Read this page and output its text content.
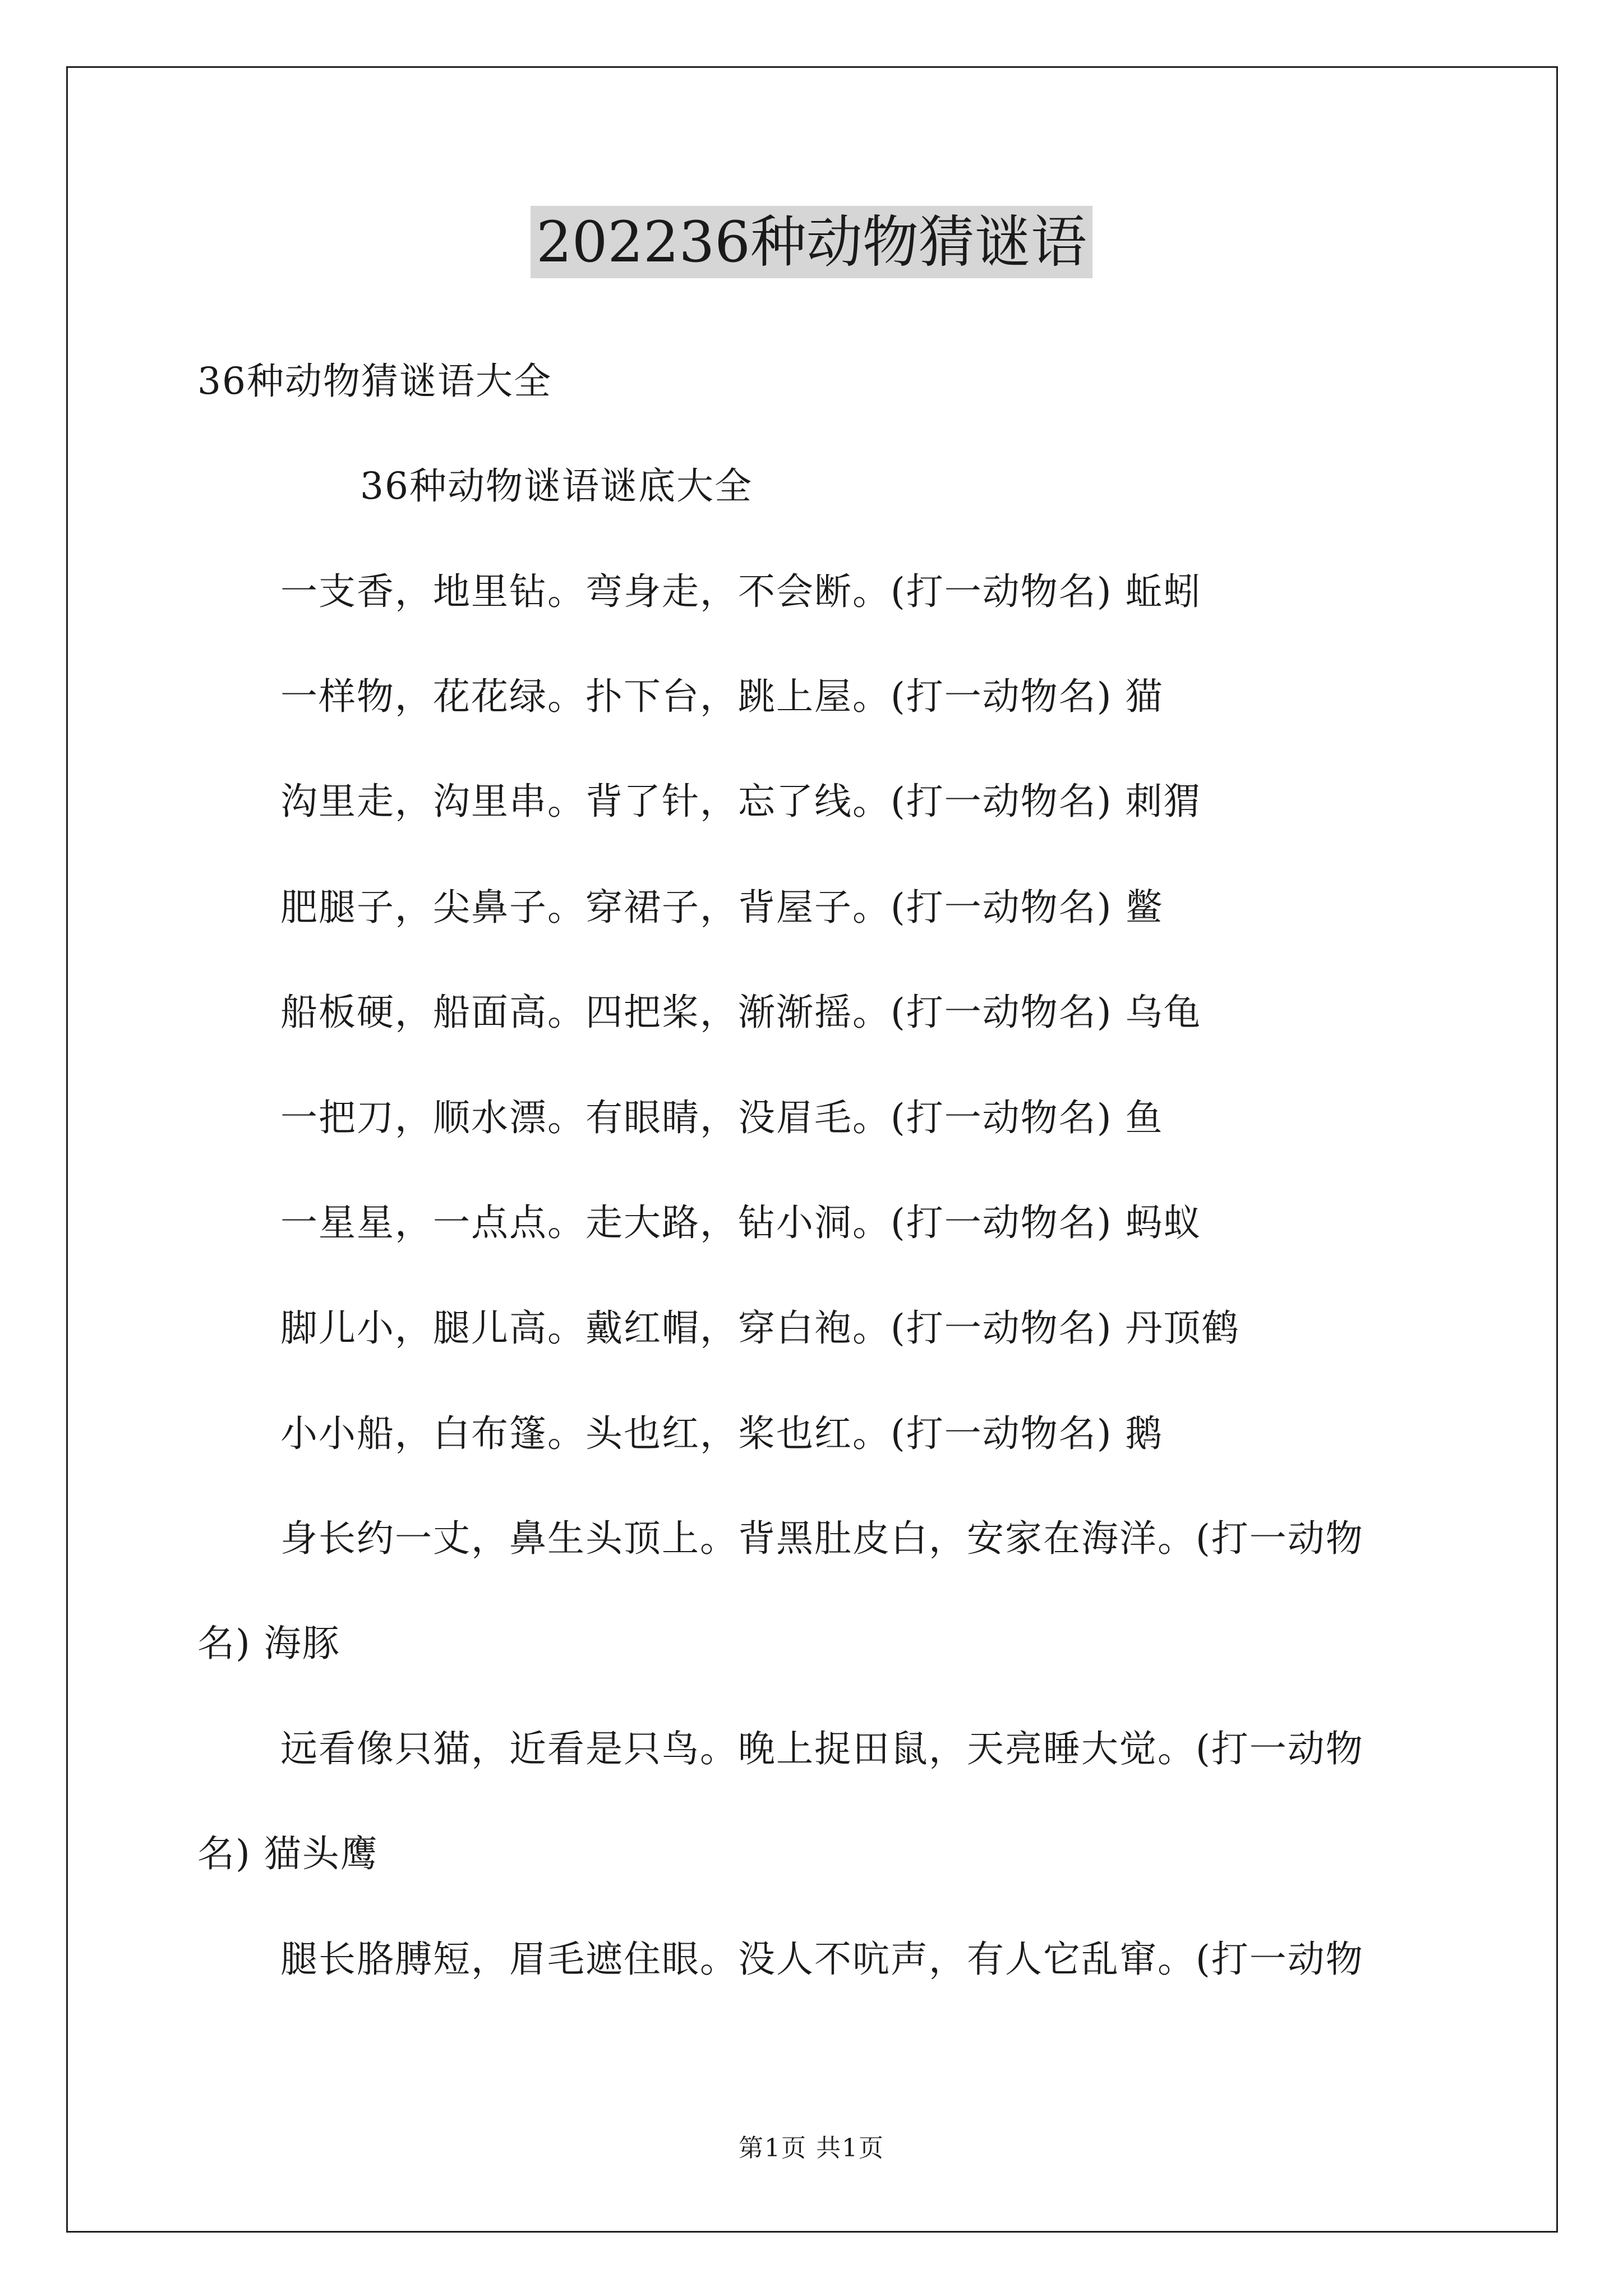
202236种动物猜谜语
36种动物猜谜语大全
36种动物谜语谜底大全
一支香，地里钻。弯身走，不会断。(打一动物名) 蚯蚓
一样物，花花绿。扑下台，跳上屋。(打一动物名) 猫
沟里走，沟里串。背了针，忘了线。(打一动物名) 刺猬
肥腿子，尖鼻子。穿裙子，背屋子。(打一动物名) 鳖
船板硬，船面高。四把桨，渐渐摇。(打一动物名) 乌龟
一把刀，顺水漂。有眼睛，没眉毛。(打一动物名) 鱼
一星星，一点点。走大路，钻小洞。(打一动物名) 蚂蚁
脚儿小，腿儿高。戴红帽，穿白袍。(打一动物名) 丹顶鹤
小小船，白布篷。头也红，桨也红。(打一动物名) 鹅
身长约一丈，鼻生头顶上。背黑肚皮白，安家在海洋。(打一动物
名) 海豚
远看像只猫，近看是只鸟。晚上捉田鼠，天亮睡大觉。(打一动物
名) 猫头鹰
腿长胳膊短，眉毛遮住眼。没人不吭声，有人它乱窜。(打一动物
第1页 共1页
